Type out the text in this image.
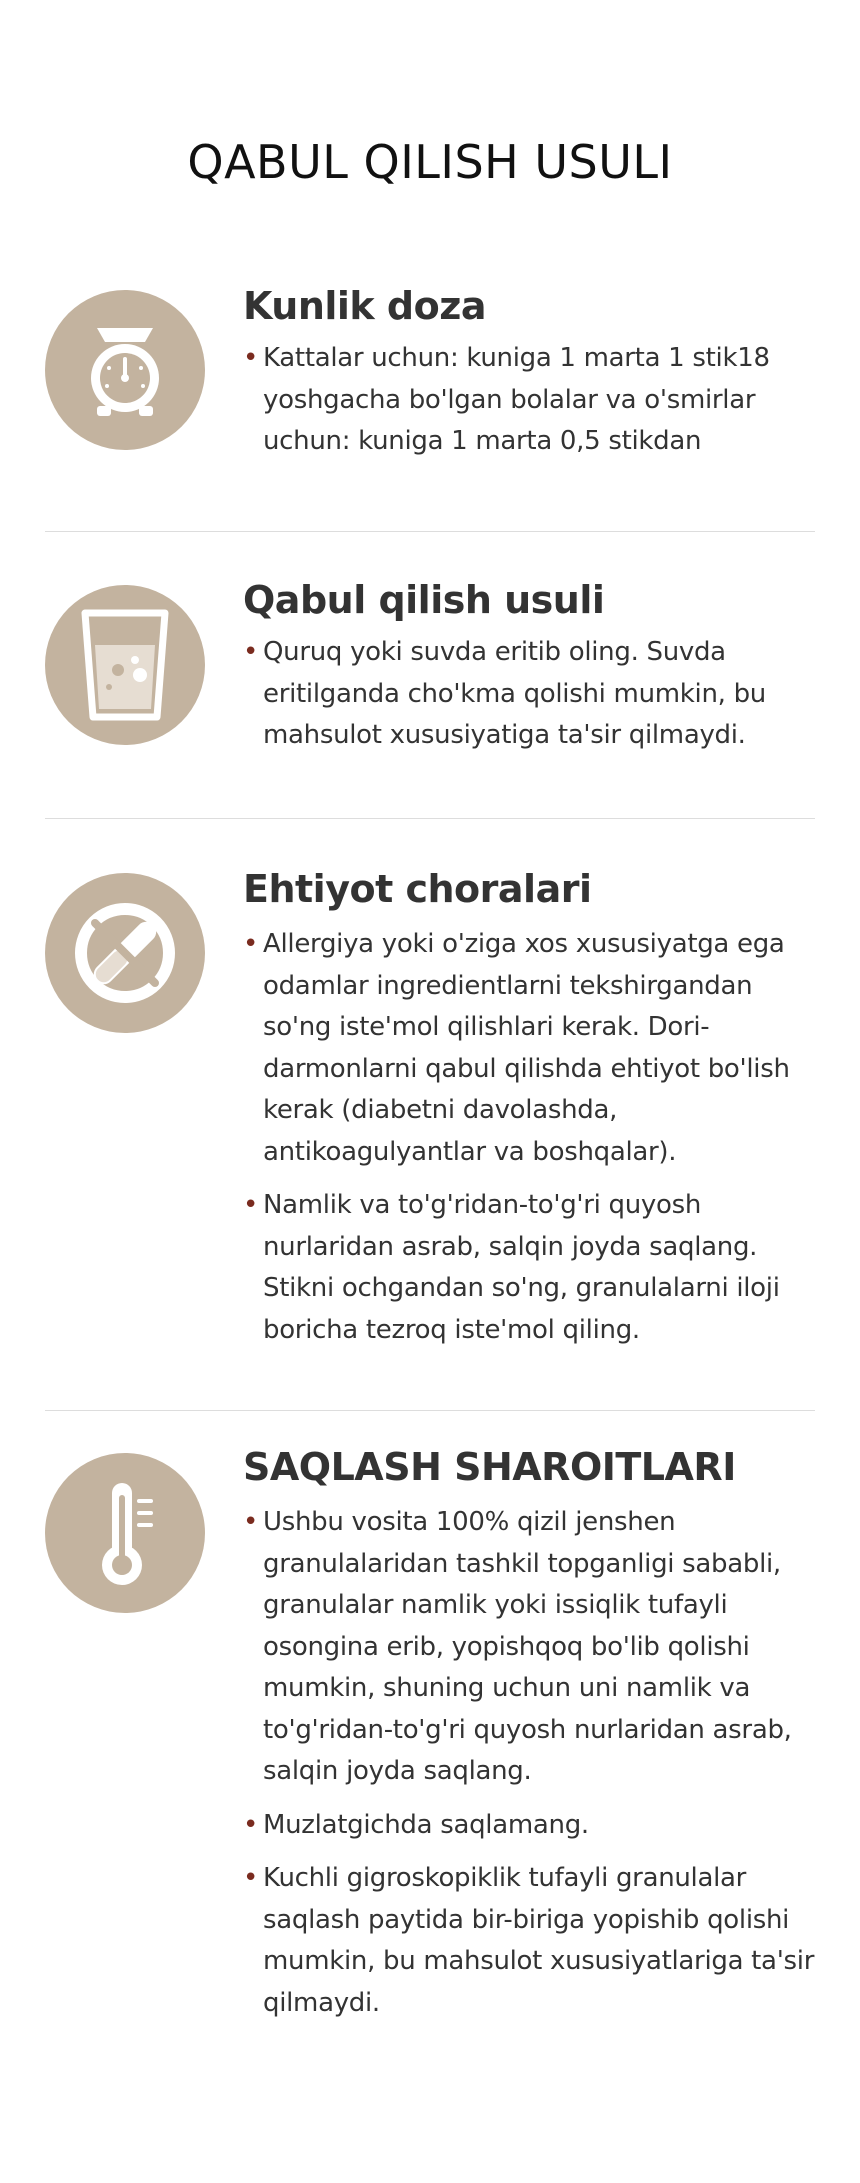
QABUL QILISH USULI
Kunlik doza
• Kattalar uchun: kuniga 1 marta 1 stik18 yoshgacha bo'lgan bolalar va o'smirlar uchun: kuniga 1 marta 0,5 stikdan
Qabul qilish usuli
• Quruq yoki suvda eritib oling. Suvda eritilganda cho'kma qolishi mumkin, bu mahsulot xususiyatiga ta'sir qilmaydi.
Ehtiyot choralari
• Allergiya yoki o'ziga xos xususiyatga ega odamlar ingredientlarni tekshirgandan so'ng iste'mol qilishlari kerak. Dori-darmonlarni qabul qilishda ehtiyot bo'lish kerak (diabetni davolashda, antikoagulyantlar va boshqalar).
• Namlik va to'g'ridan-to'g'ri quyosh nurlaridan asrab, salqin joyda saqlang. Stikni ochgandan so'ng, granulalarni iloji boricha tezroq iste'mol qiling.
SAQLASH SHAROITLARI
• Ushbu vosita 100% qizil jenshen granulalaridan tashkil topganligi sababli, granulalar namlik yoki issiqlik tufayli osongina erib, yopishqoq bo'lib qolishi mumkin, shuning uchun uni namlik va to'g'ridan-to'g'ri quyosh nurlaridan asrab, salqin joyda saqlang.
• Muzlatgichda saqlamang.
• Kuchli gigroskopiklik tufayli granulalar saqlash paytida bir-biriga yopishib qolishi mumkin, bu mahsulot xususiyatlariga ta'sir qilmaydi.
